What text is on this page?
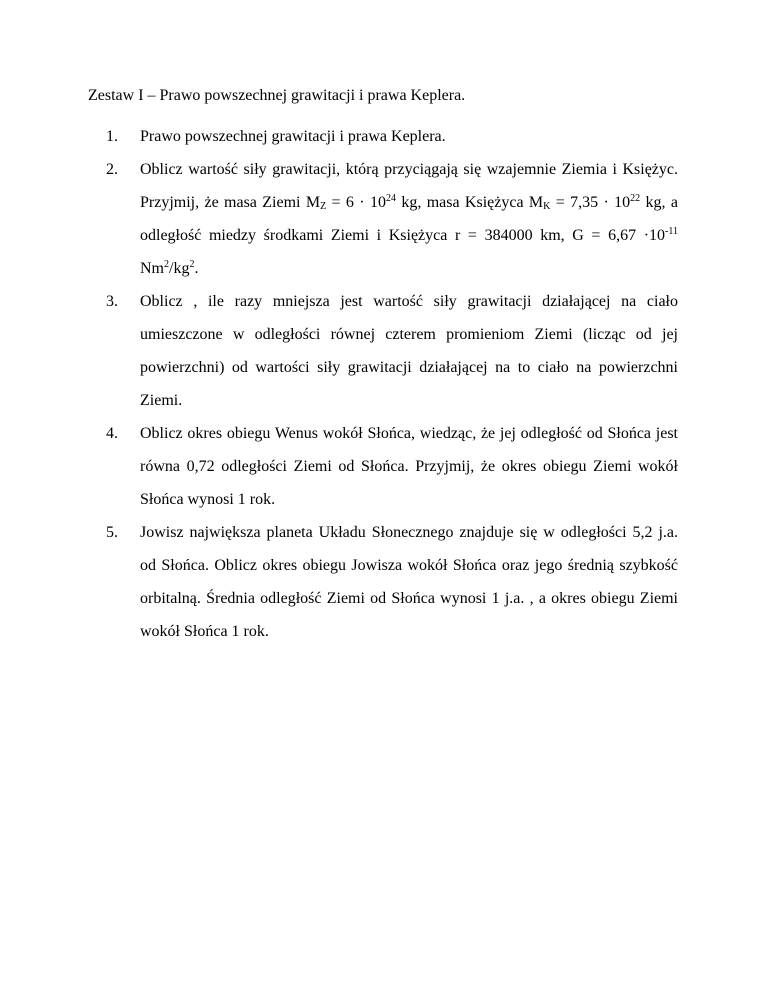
Zestaw I – Prawo powszechnej grawitacji i prawa Keplera.
1. Prawo powszechnej grawitacji i prawa Keplera.
2. Oblicz wartość siły grawitacji, którą przyciągają się wzajemnie Ziemia i Księżyc. Przyjmij, że masa Ziemi $M_Z = 6 \cdot 10^{24}$ kg, masa Księżyca $M_K = 7,35 \cdot 10^{22}$ kg, a odległość miedzy środkami Ziemi i Księżyca r = 384000 km, $G = 6,67 \cdot 10^{-11}$ $Nm^2/kg^2$.
3. Oblicz , ile razy mniejsza jest wartość siły grawitacji działającej na ciało umieszczone w odległości równej czterem promieniom Ziemi (licząc od jej powierzchni) od wartości siły grawitacji działającej na to ciało na powierzchni Ziemi.
4. Oblicz okres obiegu Wenus wokół Słońca, wiedząc, że jej odległość od Słońca jest równa 0,72 odległości Ziemi od Słońca. Przyjmij, że okres obiegu Ziemi wokół Słońca wynosi 1 rok.
5. Jowisz największa planeta Układu Słonecznego znajduje się w odległości 5,2 j.a. od Słońca. Oblicz okres obiegu Jowisza wokół Słońca oraz jego średnią szybkość orbitalną. Średnia odległość Ziemi od Słońca wynosi 1 j.a. , a okres obiegu Ziemi wokół Słońca 1 rok.
